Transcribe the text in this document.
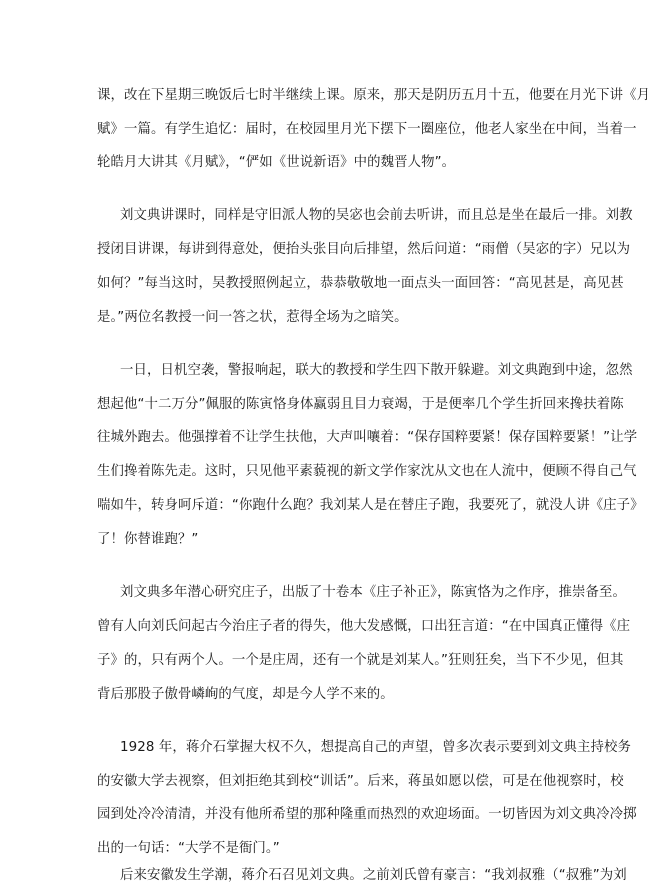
课，改在下星期三晚饭后七时半继续上课。原来，那天是阴历五月十五，他要在月光下讲《月
赋》一篇。有学生追忆：届时，在校园里月光下摆下一圈座位，他老人家坐在中间，当着一
轮皓月大讲其《月赋》，“俨如《世说新语》中的魏晋人物”。
刘文典讲课时，同样是守旧派人物的吴宓也会前去听讲，而且总是坐在最后一排。刘教
授闭目讲课，每讲到得意处，便抬头张目向后排望，然后问道：“雨僧（吴宓的字）兄以为
如何？”每当这时，吴教授照例起立，恭恭敬敬地一面点头一面回答：“高见甚是，高见甚
是。”两位名教授一问一答之状，惹得全场为之暗笑。
一日，日机空袭，警报响起，联大的教授和学生四下散开躲避。刘文典跑到中途，忽然
想起他“十二万分”佩服的陈寅恪身体赢弱且目力衰竭，于是便率几个学生折回来搀扶着陈
往城外跑去。他强撑着不让学生扶他，大声叫嚷着：“保存国粹要紧！保存国粹要紧！”让学
生们搀着陈先走。这时，只见他平素藐视的新文学作家沈从文也在人流中，便顾不得自己气
喘如牛，转身呵斥道：“你跑什么跑？我刘某人是在替庄子跑，我要死了，就没人讲《庄子》
了！你替谁跑？”
刘文典多年潜心研究庄子，出版了十卷本《庄子补正》，陈寅恪为之作序，推崇备至。
曾有人向刘氏问起古今治庄子者的得失，他大发感慨，口出狂言道：“在中国真正懂得《庄
子》的，只有两个人。一个是庄周，还有一个就是刘某人。”狂则狂矣，当下不少见，但其
背后那股子傲骨嶙峋的气度，却是今人学不来的。
1928 年，蒋介石掌握大权不久，想提高自己的声望，曾多次表示要到刘文典主持校务
的安徽大学去视察，但刘拒绝其到校“训话”。后来，蒋虽如愿以偿，可是在他视察时，校
园到处冷冷清清，并没有他所希望的那种隆重而热烈的欢迎场面。一切皆因为刘文典冷冷掷
出的一句话：“大学不是衙门。”
后来安徽发生学潮，蒋介石召见刘文典。之前刘氏曾有豪言：“我刘叔雅（“叔雅”为刘
